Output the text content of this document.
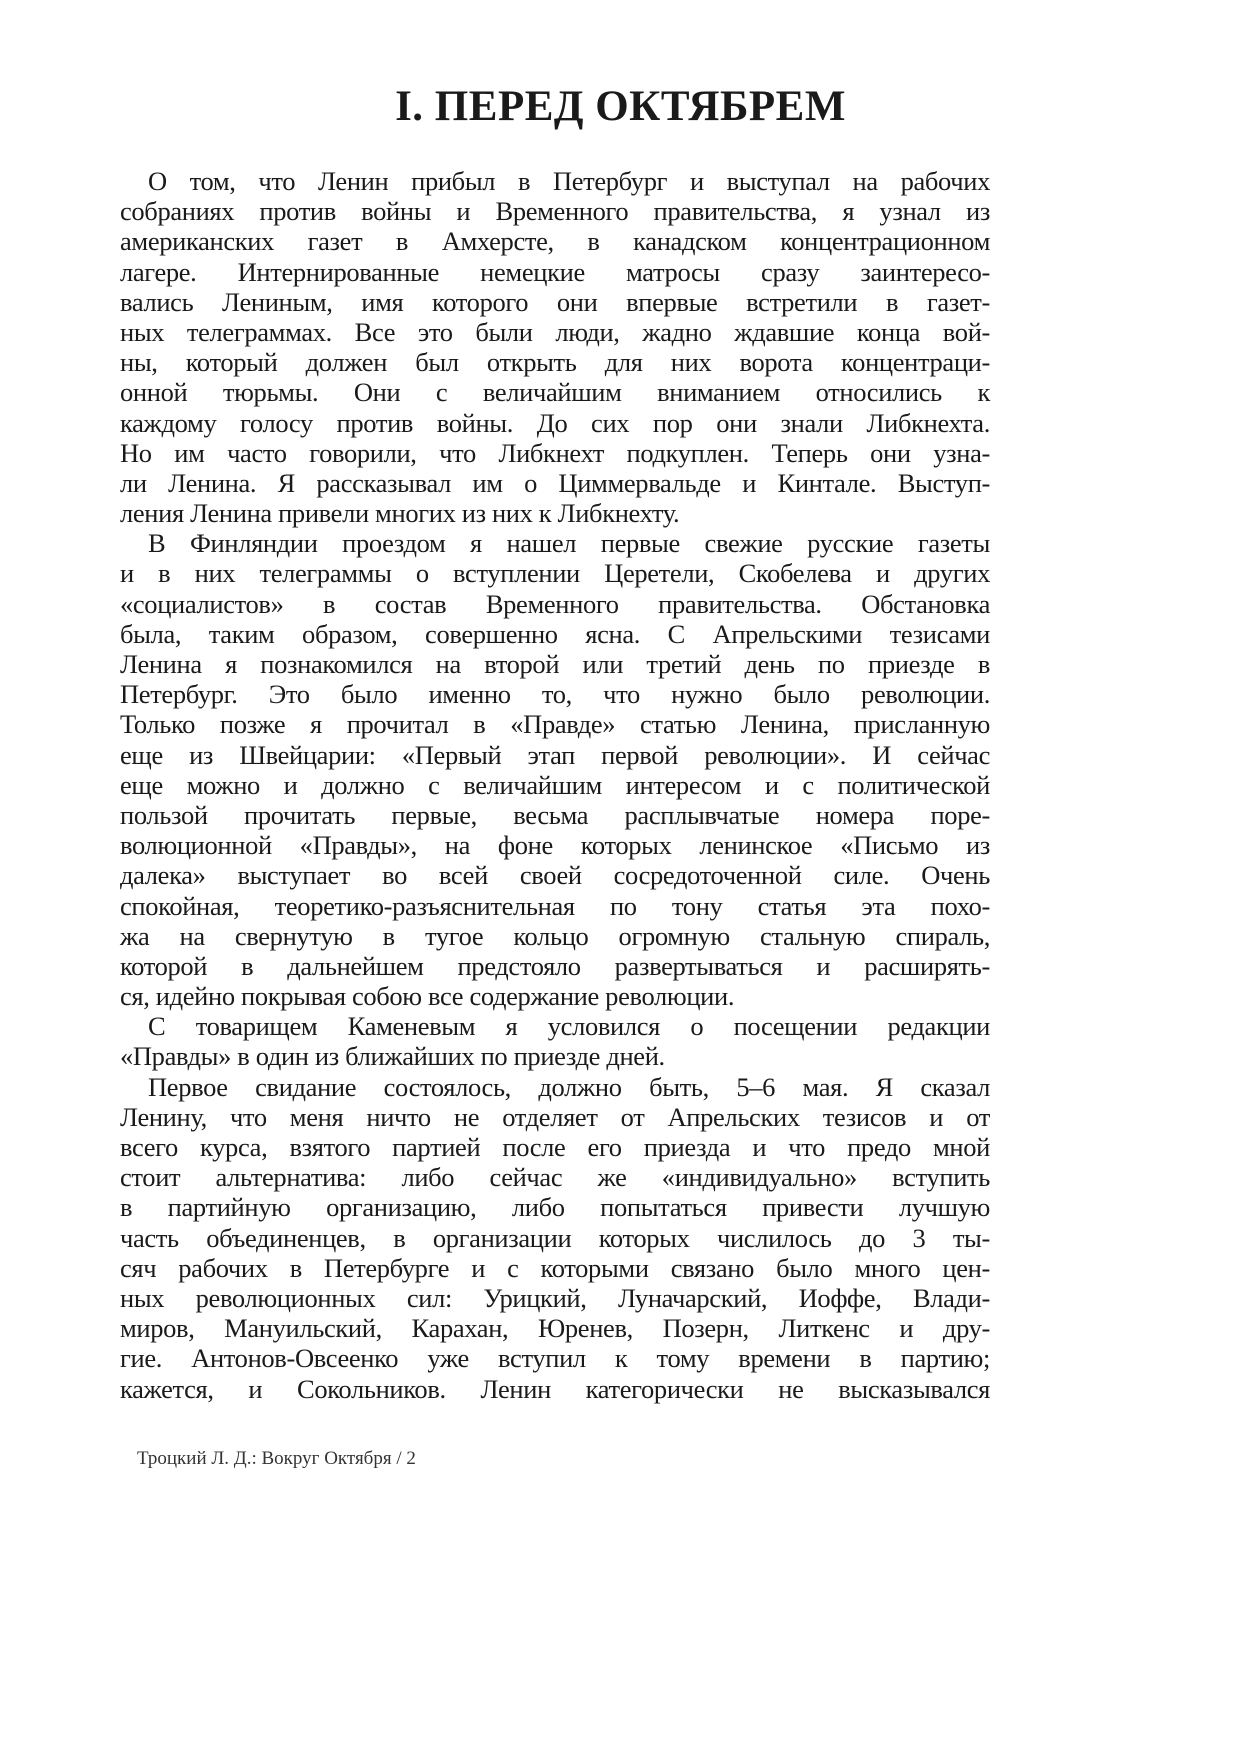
I. ПЕРЕД ОКТЯБРЕМ
О том, что Ленин прибыл в Петербург и выступал на рабочих
собраниях против войны и Временного правительства, я узнал из
американских газет в Амхерсте, в канадском концентрационном
лагере. Интернированные немецкие матросы сразу заинтересо-
вались Лениным, имя которого они впервые встретили в газет-
ных телеграммах. Все это были люди, жадно ждавшие конца вой-
ны, который должен был открыть для них ворота концентраци-
онной тюрьмы. Они с величайшим вниманием относились к
каждому голосу против войны. До сих пор они знали Либкнехта.
Но им часто говорили, что Либкнехт подкуплен. Теперь они узна-
ли Ленина. Я рассказывал им о Циммервальде и Кинтале. Выступ-
ления Ленина привели многих из них к Либкнехту.
В Финляндии проездом я нашел первые свежие русские газеты
и в них телеграммы о вступлении Церетели, Скобелева и других
«социалистов» в состав Временного правительства. Обстановка
была, таким образом, совершенно ясна. С Апрельскими тезисами
Ленина я познакомился на второй или третий день по приезде в
Петербург. Это было именно то, что нужно было революции.
Только позже я прочитал в «Правде» статью Ленина, присланную
еще из Швейцарии: «Первый этап первой революции». И сейчас
еще можно и должно с величайшим интересом и с политической
пользой прочитать первые, весьма расплывчатые номера поре-
волюционной «Правды», на фоне которых ленинское «Письмо из
далека» выступает во всей своей сосредоточенной силе. Очень
спокойная, теоретико-разъяснительная по тону статья эта похо-
жа на свернутую в тугое кольцо огромную стальную спираль,
которой в дальнейшем предстояло развертываться и расширять-
ся, идейно покрывая собою все содержание революции.
С товарищем Каменевым я условился о посещении редакции
«Правды» в один из ближайших по приезде дней.
Первое свидание состоялось, должно быть, 5–6 мая. Я сказал
Ленину, что меня ничто не отделяет от Апрельских тезисов и от
всего курса, взятого партией после его приезда и что предо мной
стоит альтернатива: либо сейчас же «индивидуально» вступить
в партийную организацию, либо попытаться привести лучшую
часть объединенцев, в организации которых числилось до 3 ты-
сяч рабочих в Петербурге и с которыми связано было много цен-
ных революционных сил: Урицкий, Луначарский, Иоффе, Влади-
миров, Мануильский, Карахан, Юренев, Позерн, Литкенс и дру-
гие. Антонов-Овсеенко уже вступил к тому времени в партию;
кажется, и Сокольников. Ленин категорически не высказывался
Троцкий Л. Д.: Вокруг Октября / 2
